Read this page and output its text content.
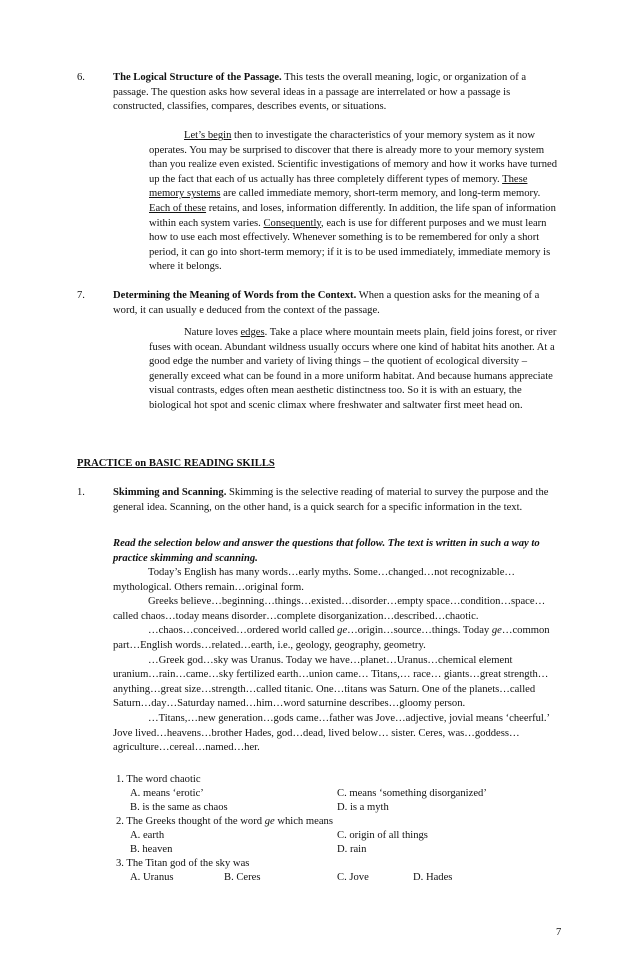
6.	The Logical Structure of the Passage. This tests the overall meaning, logic, or organization of a passage. The question asks how several ideas in a passage are interrelated or how a passage is constructed, classifies, compares, describes events, or situations.
Let’s begin then to investigate the characteristics of your memory system as it now operates. You may be surprised to discover that there is already more to your memory system than you realize even existed. Scientific investigations of memory and how it works have turned up the fact that each of us actually has three completely different types of memory. These memory systems are called immediate memory, short-term memory, and long-term memory. Each of these retains, and loses, information differently. In addition, the life span of information within each system varies. Consequently, each is use for different purposes and we must learn how to use each most effectively. Whenever something is to be remembered for only a short period, it can go into short-term memory; if it is to be used immediately, immediate memory is where it belongs.
7.	Determining the Meaning of Words from the Context. When a question asks for the meaning of a word, it can usually e deduced from the context of the passage.
Nature loves edges. Take a place where mountain meets plain, field joins forest, or river fuses with ocean. Abundant wildness usually occurs where one kind of habitat hits another. At a good edge the number and variety of living things – the quotient of ecological diversity – generally exceed what can be found in a more uniform habitat. And because humans appreciate visual contrasts, edges often mean aesthetic distinctness too. So it is with an estuary, the biological hot spot and scenic climax where freshwater and saltwater first meet head on.
PRACTICE on BASIC READING SKILLS
1.	Skimming and Scanning. Skimming is the selective reading of material to survey the purpose and the general idea. Scanning, on the other hand, is a quick search for a specific information in the text.
Read the selection below and answer the questions that follow. The text is written in such a way to practice skimming and scanning.
Today’s English has many words…early myths. Some…changed…not recognizable…mythological. Others remain…original form.
Greeks believe…beginning…things…existed…disorder…empty space…condition…space…called chaos…today means disorder…complete disorganization…described…chaotic.
…chaos…conceived…ordered world called ge…origin…source…things. Today ge…common part…English words…related…earth, i.e., geology, geography, geometry.
…Greek god…sky was Uranus. Today we have…planet…Uranus…chemical element uranium…rain…came…sky fertilized earth…union came… Titans,… race… giants…great strength…anything…great size…strength…called titanic. One…titans was Saturn. One of the planets…called Saturn…day…Saturday named…him…word saturnine describes…gloomy person.
…Titans,…new generation…gods came…father was Jove…adjective, jovial means ‘cheerful.’ Jove lived…heavens…brother Hades, god…dead, lived below… sister. Ceres, was…goddess…agriculture…cereal…named…her.
1. The word chaotic
A. means ‘erotic’	C. means ‘something disorganized’
B. is the same as chaos	D. is a myth
2. The Greeks thought of the word ge which means
A. earth	C. origin of all things
B. heaven	D. rain
3. The Titan god of the sky was
A. Uranus	B. Ceres	C. Jove	D. Hades
7
